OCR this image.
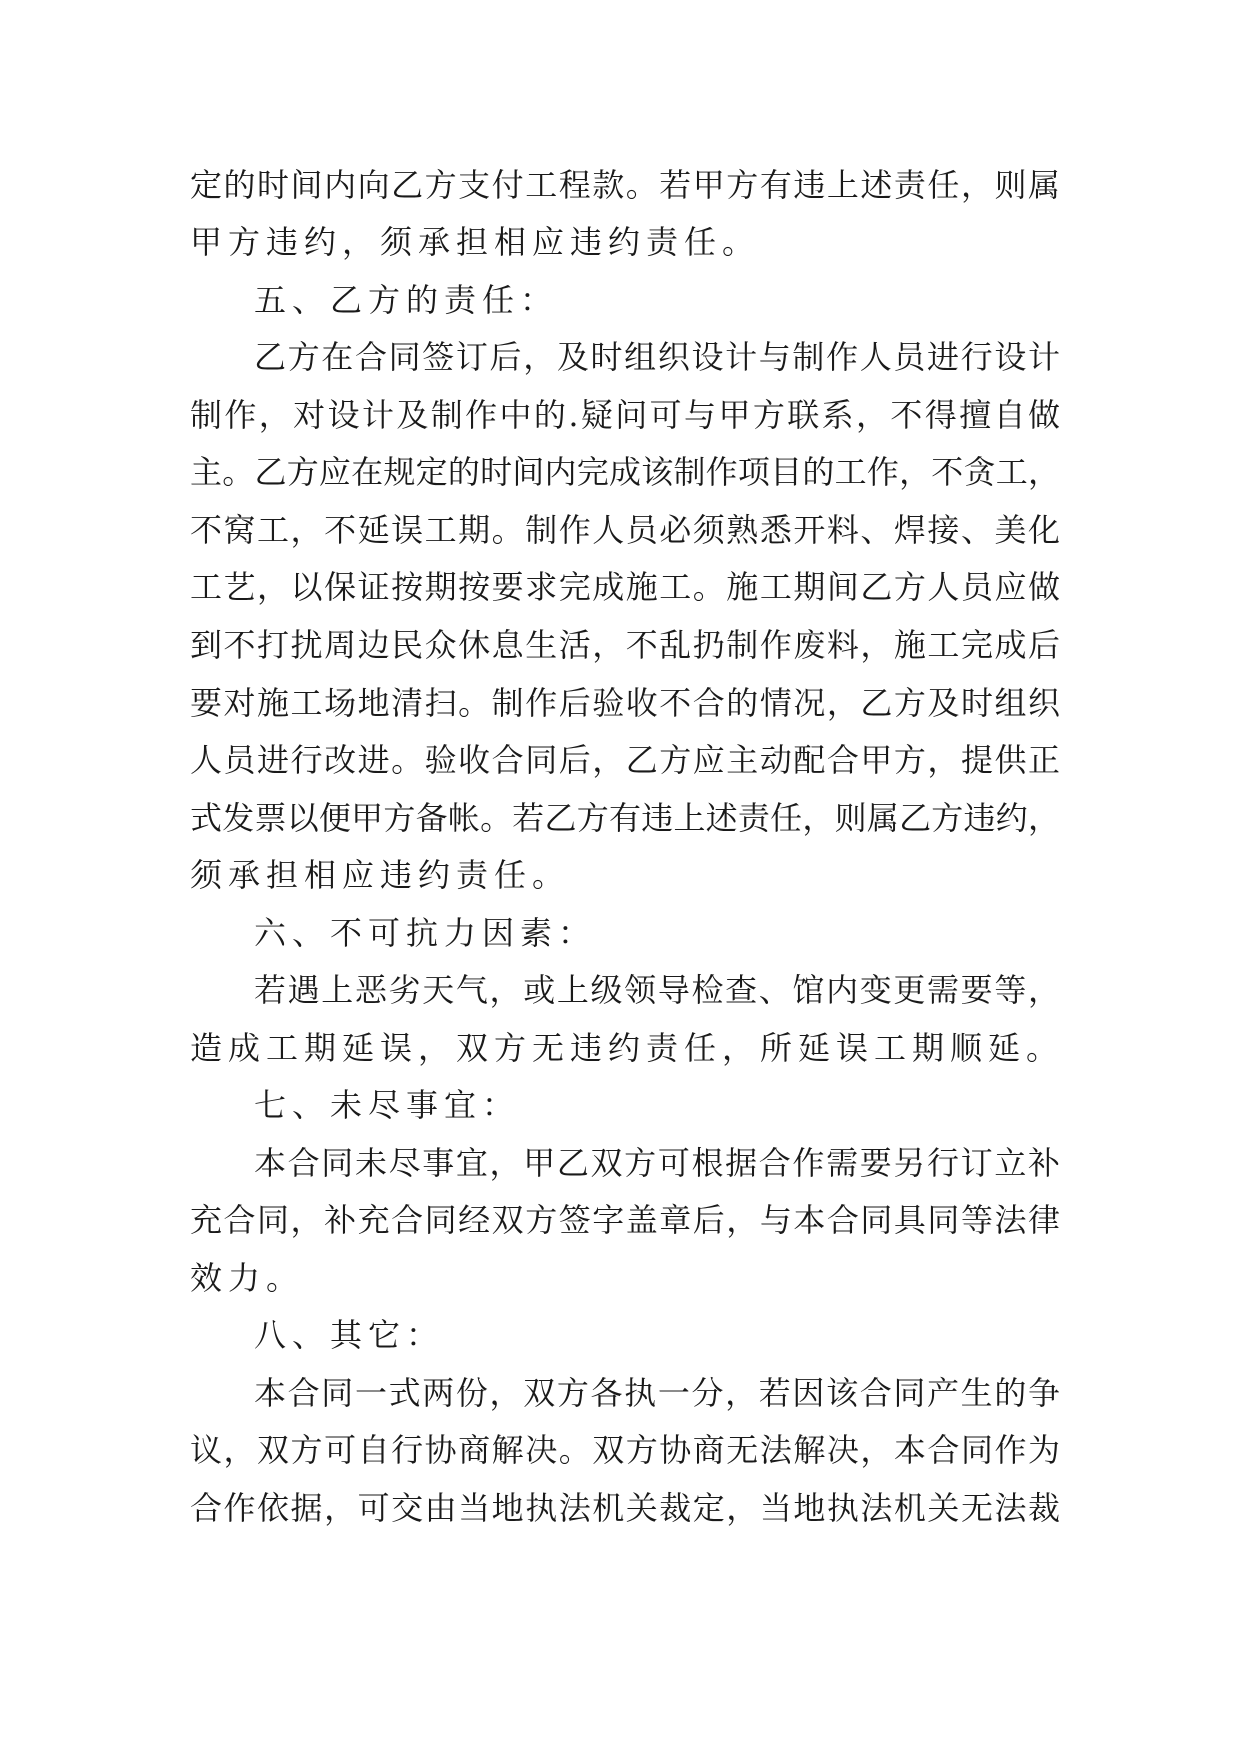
定的时间内向乙方支付工程款。若甲方有违上述责任，则属
甲方违约，须承担相应违约责任。
五、乙方的责任：
乙方在合同签订后，及时组织设计与制作人员进行设计
制作，对设计及制作中的.疑问可与甲方联系，不得擅自做
主。乙方应在规定的时间内完成该制作项目的工作，不贪工，
不窝工，不延误工期。制作人员必须熟悉开料、焊接、美化
工艺，以保证按期按要求完成施工。施工期间乙方人员应做
到不打扰周边民众休息生活，不乱扔制作废料，施工完成后
要对施工场地清扫。制作后验收不合的情况，乙方及时组织
人员进行改进。验收合同后，乙方应主动配合甲方，提供正
式发票以便甲方备帐。若乙方有违上述责任，则属乙方违约，
须承担相应违约责任。
六、不可抗力因素：
若遇上恶劣天气，或上级领导检查、馆内变更需要等，
造成工期延误，双方无违约责任，所延误工期顺延。
七、未尽事宜：
本合同未尽事宜，甲乙双方可根据合作需要另行订立补
充合同，补充合同经双方签字盖章后，与本合同具同等法律
效力。
八、其它：
本合同一式两份，双方各执一分，若因该合同产生的争
议，双方可自行协商解决。双方协商无法解决，本合同作为
合作依据，可交由当地执法机关裁定，当地执法机关无法裁
